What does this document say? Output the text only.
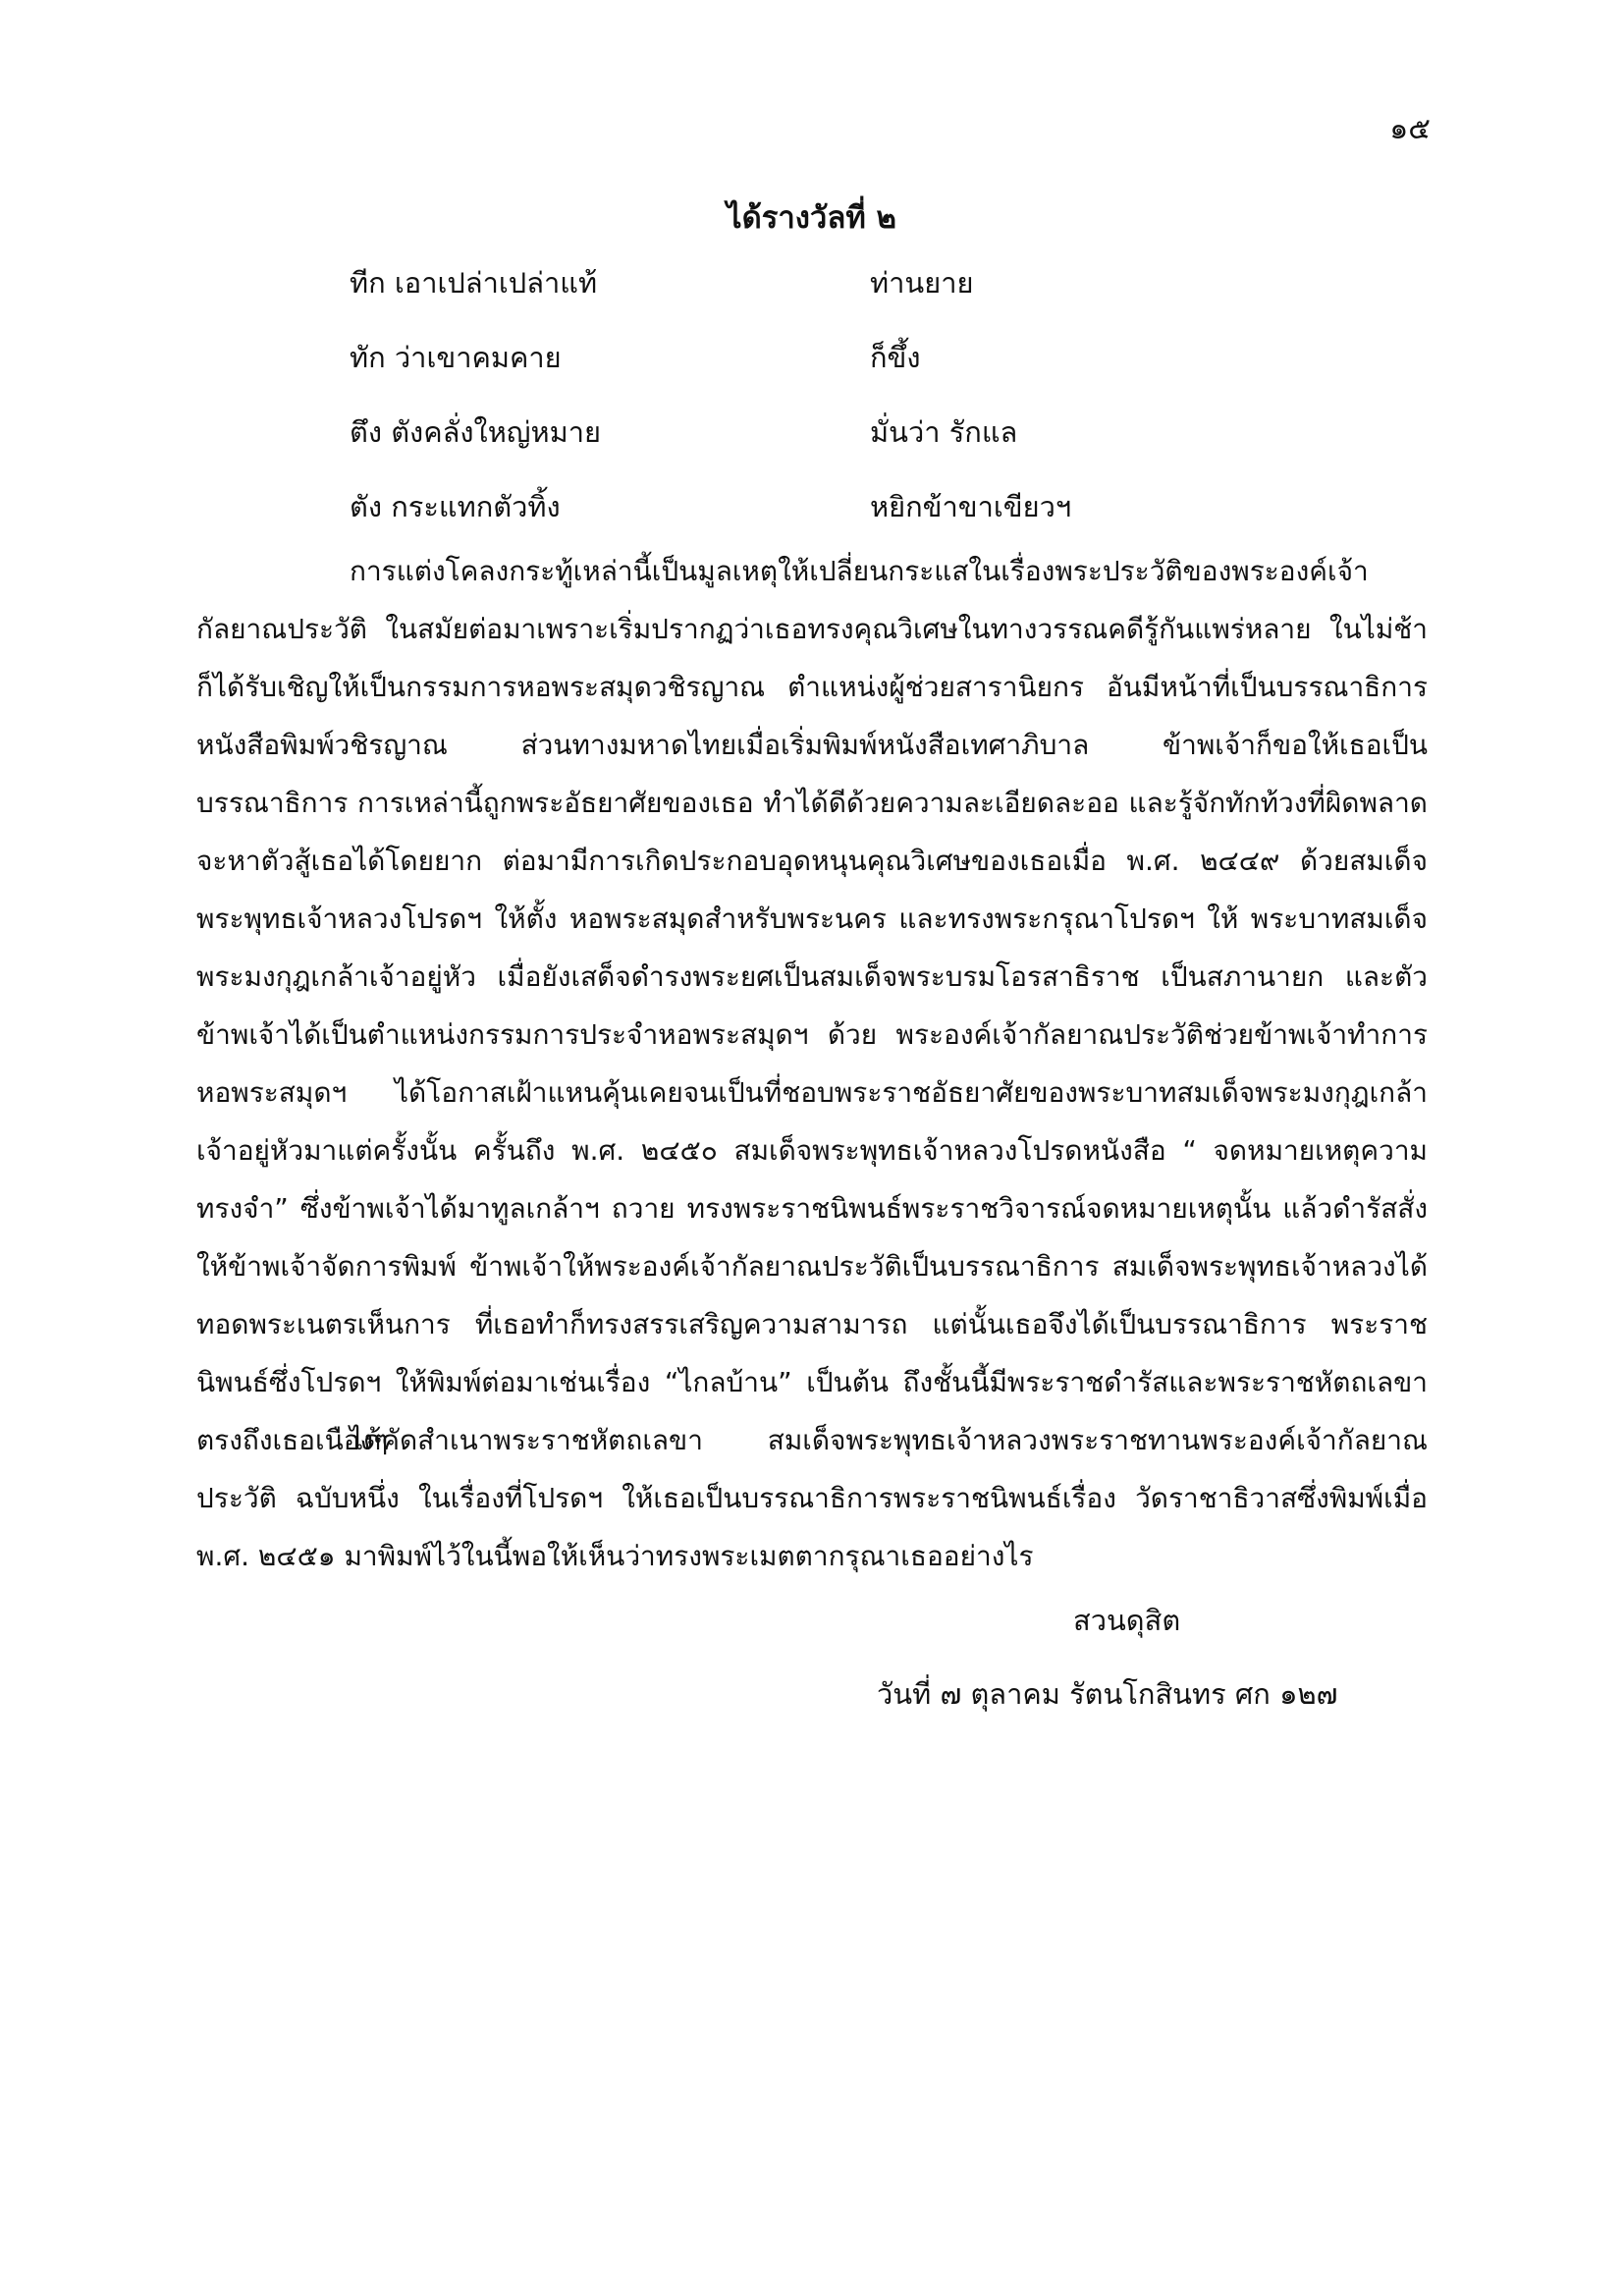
๑๕
ได้รางวัลที่ ๒
ทีก เอาเปล่าเปล่าแท้	ท่านยาย
ทัก ว่าเขาคมคาย	ก็ขึ้ง
ตึง ตังคลั่งใหญ่หมาย	มั่นว่า รักแล
ตัง กระแทกตัวทิ้ง	หยิกข้าขาเขียวฯ

การแต่งโคลงกระทู้เหล่านี้เป็นมูลเหตุให้เปลี่ยนกระแสในเรื่องพระประวัติของพระองค์เจ้ากัลยาณประวัติ ในสมัยต่อมาเพราะเริ่มปรากฏว่าเธอทรงคุณวิเศษในทางวรรณคดีรู้กันแพร่หลาย ในไม่ช้าก็ได้รับเชิญให้เป็นกรรมการหอพระสมุดวชิรญาณ ตำแหน่งผู้ช่วยสารานิยกร อันมีหน้าที่เป็นบรรณาธิการหนังสือพิมพ์วชิรญาณ ส่วนทางมหาดไทยเมื่อเริ่มพิมพ์หนังสือเทศาภิบาล ข้าพเจ้าก็ขอให้เธอเป็นบรรณาธิการ การเหล่านี้ถูกพระอัธยาศัยของเธอ ทำได้ดีด้วยความละเอียดละออ และรู้จักทักท้วงที่ผิดพลาดจะหาตัวสู้เธอได้โดยยาก ต่อมามีการเกิดประกอบอุดหนุนคุณวิเศษของเธอเมื่อ พ.ศ. ๒๔๔๙ ด้วยสมเด็จพระพุทธเจ้าหลวงโปรดฯ ให้ตั้ง หอพระสมุดสำหรับพระนคร และทรงพระกรุณาโปรดฯ ให้ พระบาทสมเด็จพระมงกุฎเกล้าเจ้าอยู่หัว เมื่อยังเสด็จดำรงพระยศเป็นสมเด็จพระบรมโอรสาธิราช เป็นสภานายก และตัวข้าพเจ้าได้เป็นตำแหน่งกรรมการประจำหอพระสมุดฯ ด้วย พระองค์เจ้ากัลยาณประวัติช่วยข้าพเจ้าทำการหอพระสมุดฯ ได้โอกาสเฝ้าแหนคุ้นเคยจนเป็นที่ชอบพระราชอัธยาศัยของพระบาทสมเด็จพระมงกุฎเกล้าเจ้าอยู่หัวมาแต่ครั้งนั้น ครั้นถึง พ.ศ. ๒๔๕๐ สมเด็จพระพุทธเจ้าหลวงโปรดหนังสือ “ จดหมายเหตุความทรงจำ” ซึ่งข้าพเจ้าได้มาทูลเกล้าฯ ถวาย ทรงพระราชนิพนธ์พระราชวิจารณ์จดหมายเหตุนั้น แล้วดำรัสสั่งให้ข้าพเจ้าจัดการพิมพ์ ข้าพเจ้าให้พระองค์เจ้ากัลยาณประวัติเป็นบรรณาธิการ สมเด็จพระพุทธเจ้าหลวงได้ทอดพระเนตรเห็นการ ที่เธอทำก็ทรงสรรเสริญความสามารถ แต่นั้นเธอจึงได้เป็นบรรณาธิการ พระราชนิพนธ์ซึ่งโปรดฯ ให้พิมพ์ต่อมาเช่นเรื่อง “ไกลบ้าน” เป็นต้น ถึงชั้นนี้มีพระราชดำรัสและพระราชหัตถเลขาตรงถึงเธอเนืองๆ

ได้คัดสำเนาพระราชหัตถเลขา สมเด็จพระพุทธเจ้าหลวงพระราชทานพระองค์เจ้ากัลยาณประวัติ ฉบับหนึ่ง ในเรื่องที่โปรดฯ ให้เธอเป็นบรรณาธิการพระราชนิพนธ์เรื่อง วัดราชาธิวาสซึ่งพิมพ์เมื่อ พ.ศ. ๒๔๕๑ มาพิมพ์ไว้ในนี้พอให้เห็นว่าทรงพระเมตตากรุณาเธออย่างไร

สวนดุสิต

วันที่ ๗ ตุลาคม รัตนโกสินทร ศก ๑๒๗
